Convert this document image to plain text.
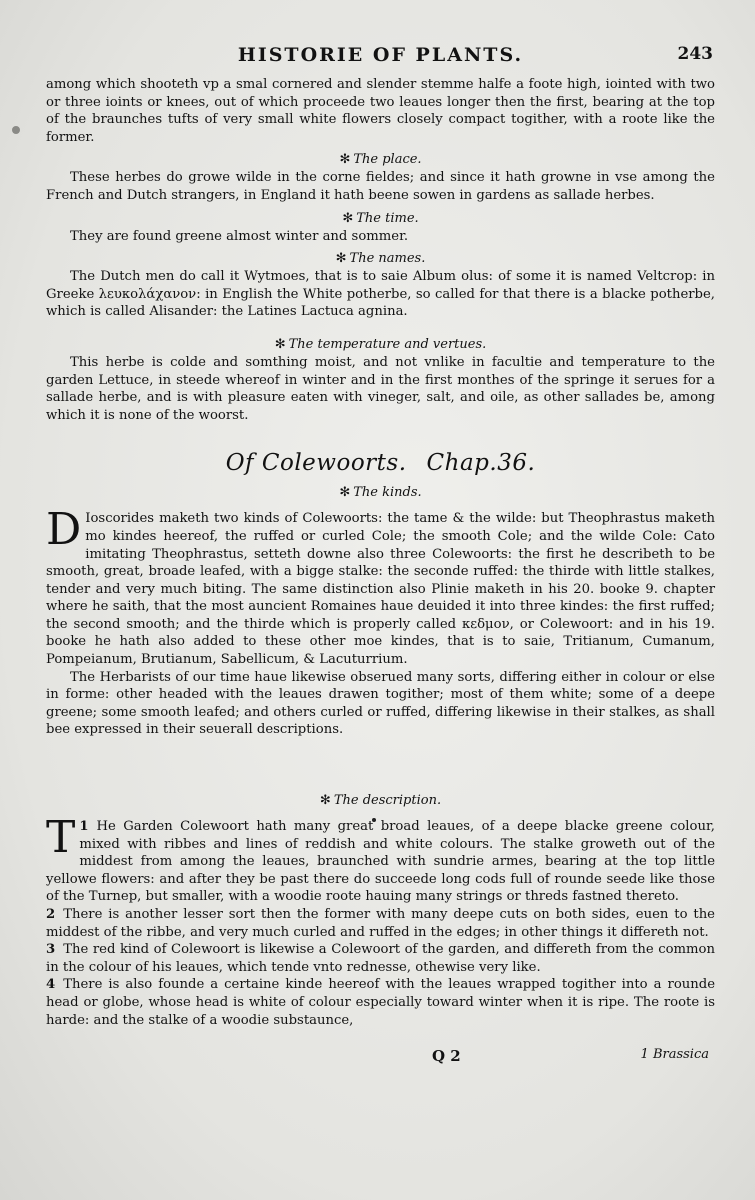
HISTORIE OF PLANTS.	243

among which shooteth vp a smal cornered and slender stemme halfe a foote high, iointed with two or three ioints or knees, out of which proceede two leaues longer then the first, bearing at the top of the braunches tufts of very small white flowers closely compact togither, with a roote like the former.

✻ The place.

These herbes do growe wilde in the corne fieldes; and since it hath growne in vse among the French and Dutch strangers, in England it hath beene sowen in gardens as sallade herbes.

✻ The time.

They are found greene almost winter and sommer.

✻ The names.

The Dutch men do call it Wytmoes, that is to saie Album olus: of some it is named Veltcrop: in Greeke λευκολάχανον: in English the White potherbe, so called for that there is a blacke potherbe, which is called Alisander: the Latines Lactuca agnina.

✻ The temperature and vertues.

This herbe is colde and somthing moist, and not vnlike in facultie and temperature to the garden Lettuce, in steede whereof in winter and in the first monthes of the springe it serues for a sallade herbe, and is with pleasure eaten with vineger, salt, and oile, as other sallades be, among which it is none of the woorst.

Of Colewoorts. Chap.36.
✻ The kinds.

D Ioscorides maketh two kinds of Colewoorts: the tame & the wilde: but Theophrastus maketh mo kindes heereof, the ruffed or curled Cole; the smooth Cole; and the wilde Cole: Cato imitating Theophrastus, setteth downe also three Colewoorts: the first he describeth to be smooth, great, broade leafed, with a bigge stalke: the seconde ruffed: the thirde with little stalkes, tender and very much biting. The same distinction also Plinie maketh in his 20. booke 9. chapter where he saith, that the most auncient Romaines haue deuided it into three kindes: the first ruffed; the second smooth; and the thirde which is properly called κεδμον, or Colewoort: and in his 19. booke he hath also added to these other moe kindes, that is to saie, Tritianum, Cumanum, Pompeianum, Brutianum, Sabellicum, & Lacuturrium.

The Herbarists of our time haue likewise obserued many sorts, differing either in colour or else in forme: other headed with the leaues drawen togither; most of them white; some of a deepe greene; some smooth leafed; and others curled or ruffed, differing likewise in their stalkes, as shall bee expressed in their seuerall descriptions.

✻ The description.

1
T He Garden Colewoort hath many great broad leaues, of a deepe blacke greene colour, mixed with ribbes and lines of reddish and white colours. The stalke groweth out of the middest from among the leaues, braunched with sundrie armes, bearing at the top little yellowe flowers: and after they be past there do succeede long cods full of rounde seede like those of the Turnep, but smaller, with a woodie roote hauing many strings or threds fastned thereto.

2 There is another lesser sort then the former with many deepe cuts on both sides, euen to the middest of the ribbe, and very much curled and ruffed in the edges; in other things it differeth not.

3 The red kind of Colewoort is likewise a Colewoort of the garden, and differeth from the common in the colour of his leaues, which tende vnto rednesse, othewise very like.

4 There is also founde a certaine kinde heereof with the leaues wrapped togither into a rounde head or globe, whose head is white of colour especially toward winter when it is ripe. The roote is harde: and the stalke of a woodie substaunce,

Q 2	1 Brassica
